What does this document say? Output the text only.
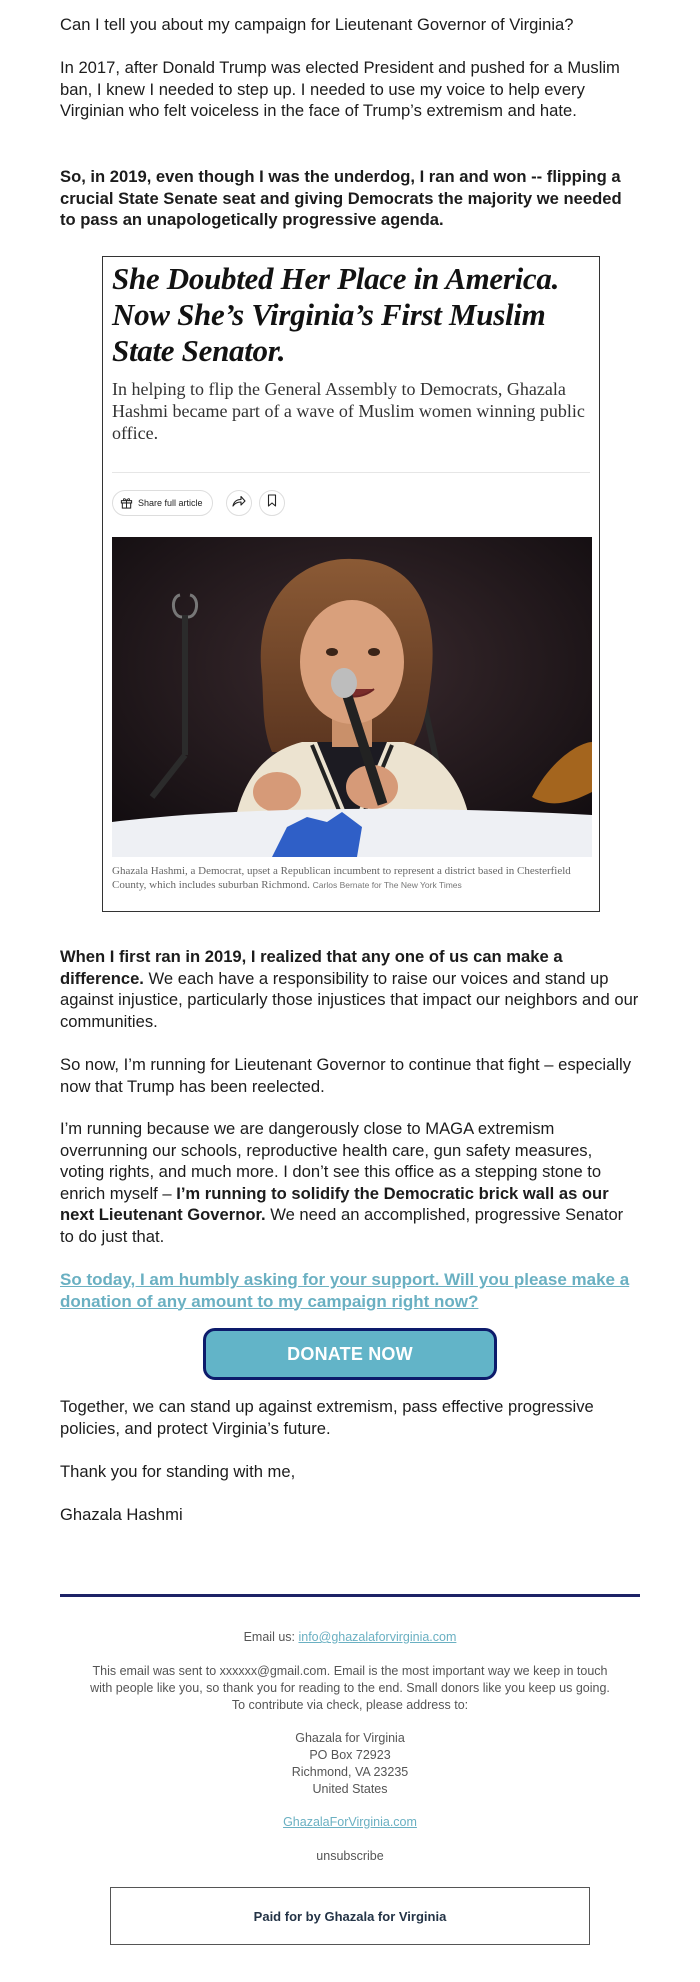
Can I tell you about my campaign for Lieutenant Governor of Virginia?

In 2017, after Donald Trump was elected President and pushed for a Muslim ban, I knew I needed to step up. I needed to use my voice to help every Virginian who felt voiceless in the face of Trump’s extremism and hate.

So, in 2019, even though I was the underdog, I ran and won -- flipping a crucial State Senate seat and giving Democrats the majority we needed to pass an unapologetically progressive agenda.

She Doubted Her Place in America. Now She’s Virginia’s First Muslim State Senator.
In helping to flip the General Assembly to Democrats, Ghazala Hashmi became part of a wave of Muslim women winning public office.
Share full article
Ghazala Hashmi, a Democrat, upset a Republican incumbent to represent a district based in Chesterfield County, which includes suburban Richmond. Carlos Bernate for The New York Times

When I first ran in 2019, I realized that any one of us can make a difference. We each have a responsibility to raise our voices and stand up against injustice, particularly those injustices that impact our neighbors and our communities.

So now, I’m running for Lieutenant Governor to continue that fight – especially now that Trump has been reelected.

I’m running because we are dangerously close to MAGA extremism overrunning our schools, reproductive health care, gun safety measures, voting rights, and much more. I don’t see this office as a stepping stone to enrich myself – I’m running to solidify the Democratic brick wall as our next Lieutenant Governor. We need an accomplished, progressive Senator to do just that.

So today, I am humbly asking for your support. Will you please make a donation of any amount to my campaign right now?

DONATE NOW

Together, we can stand up against extremism, pass effective progressive policies, and protect Virginia’s future.

Thank you for standing with me,

Ghazala Hashmi

Email us: info@ghazalaforvirginia.com
This email was sent to xxxxxx@gmail.com. Email is the most important way we keep in touch with people like you, so thank you for reading to the end. Small donors like you keep us going. To contribute via check, please address to:
Ghazala for Virginia
PO Box 72923
Richmond, VA 23235
United States
GhazalaForVirginia.com
unsubscribe
Paid for by Ghazala for Virginia
